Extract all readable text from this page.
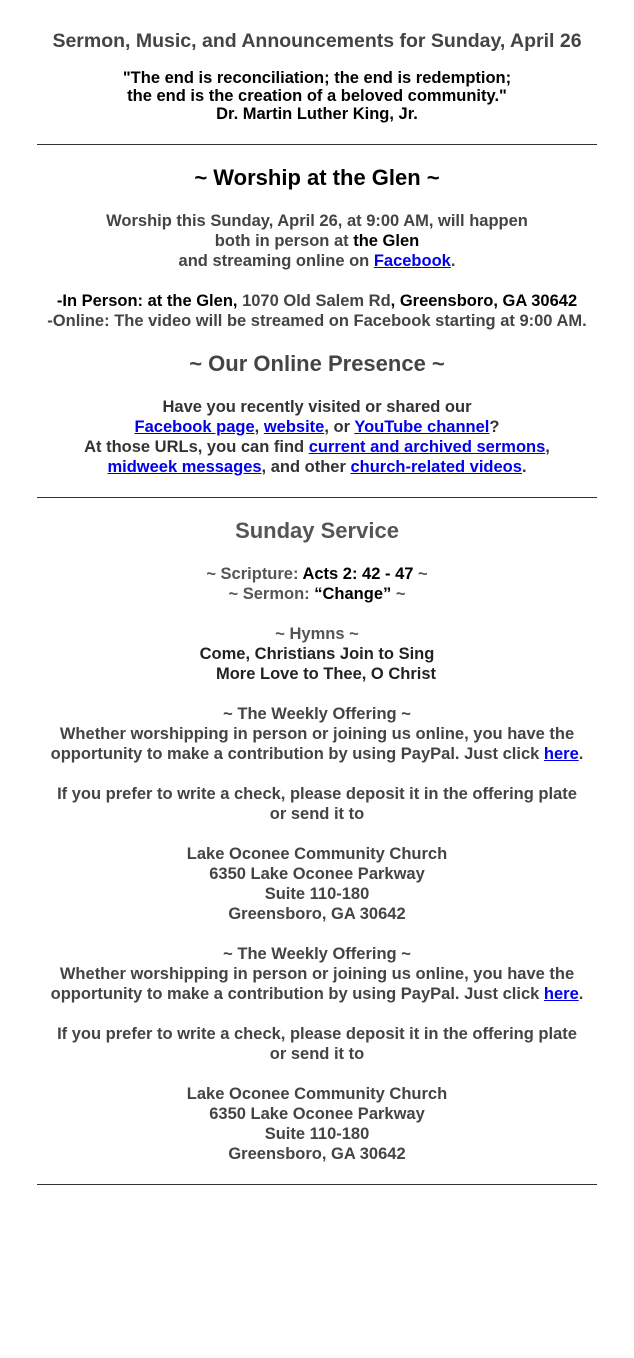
Sermon, Music, and Announcements for Sunday, April 26

"The end is reconciliation; the end is redemption;
the end is the creation of a beloved community."
Dr. Martin Luther King, Jr.
~ Worship at the Glen ~
Worship this Sunday, April 26, at 9:00 AM, will happen
both in person at the Glen
and streaming online on Facebook.
-In Person: at the Glen, 1070 Old Salem Rd, Greensboro, GA 30642
-Online: The video will be streamed on Facebook starting at 9:00 AM.
~ Our Online Presence ~
Have you recently visited or shared our
Facebook page, website, or YouTube channel?
At those URLs, you can find current and archived sermons,
midweek messages, and other church-related videos.
Sunday Service
~ Scripture: Acts 2: 42 - 47 ~
~ Sermon: “Change” ~
~ Hymns ~
Come, Christians Join to Sing
More Love to Thee, O Christ
~ The Weekly Offering ~
Whether worshipping in person or joining us online, you have the
opportunity to make a contribution by using PayPal. Just click here.
If you prefer to write a check, please deposit it in the offering plate or send it to
Lake Oconee Community Church
6350 Lake Oconee Parkway
Suite 110-180
Greensboro, GA 30642
~ The Weekly Offering ~
Whether worshipping in person or joining us online, you have the
opportunity to make a contribution by using PayPal. Just click here.
If you prefer to write a check, please deposit it in the offering plate or send it to
Lake Oconee Community Church
6350 Lake Oconee Parkway
Suite 110-180
Greensboro, GA 30642
